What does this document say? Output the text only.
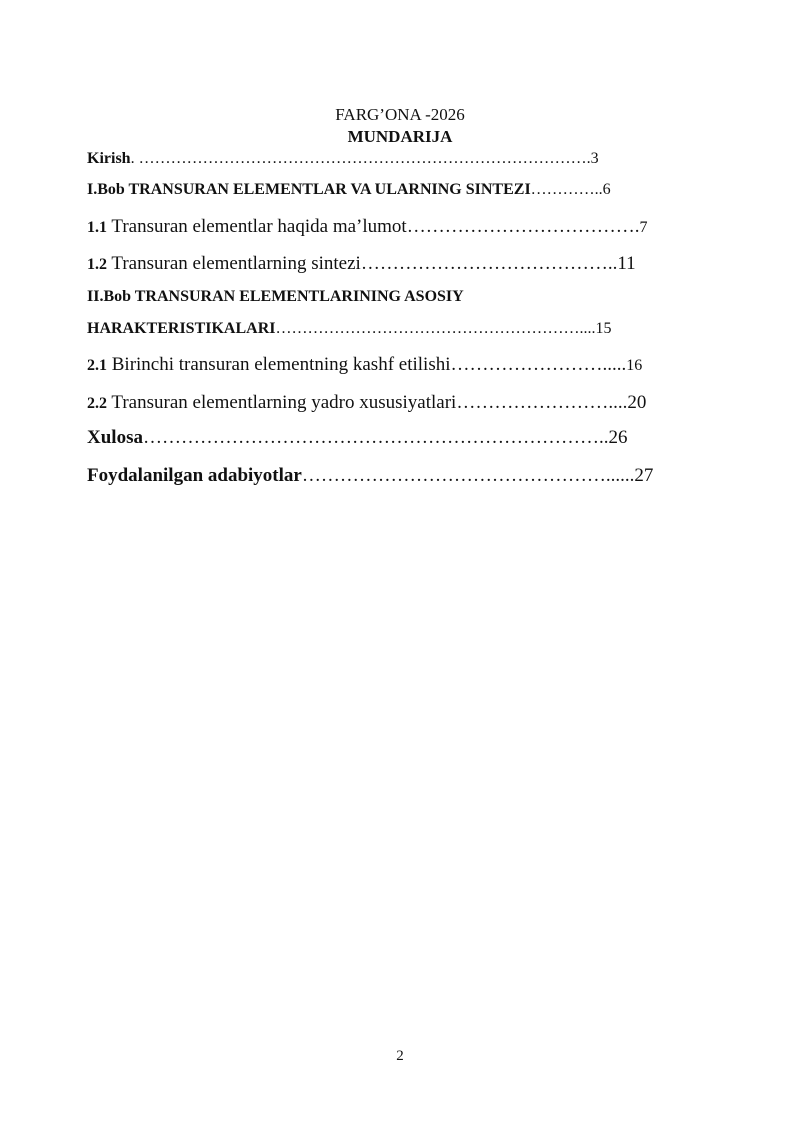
FARG’ONA -2026
MUNDARIJA
Kirish. ………………………………………………………………………….3
I.Bob TRANSURAN ELEMENTLAR VA ULARNING SINTEZI…………..6
1.1 Transuran elementlar haqida ma’lumot……………………………….7
1.2 Transuran elementlarning sintezi…………………………………..11
II.Bob TRANSURAN ELEMENTLARINING ASOSIY
HARAKTERISTIKALARI…………………………………………………....15
2.1 Birinchi transuran elementning kashf etilishi…………………….....16
2.2 Transuran elementlarning yadro xususiyatlari……………………....20
Xulosa………………………………………………………………..26
Foydalanilgan adabiyotlar…………………………………………......27
2
